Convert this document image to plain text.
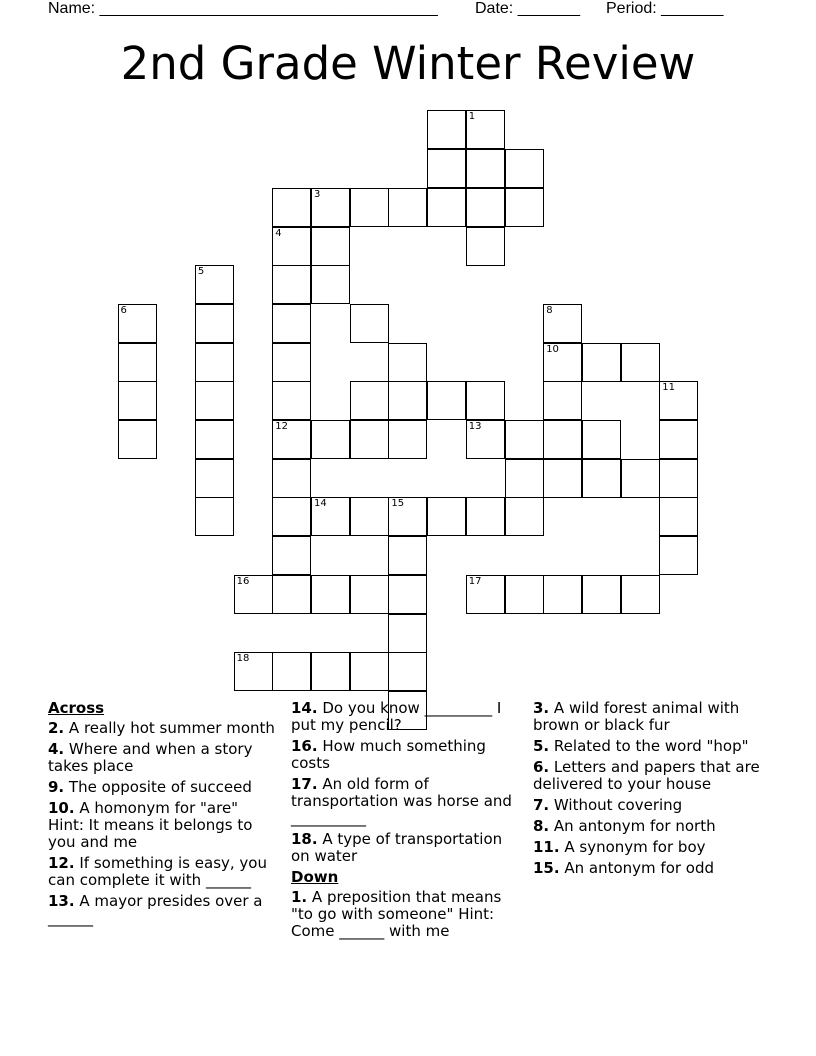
Name: ______________________________________ Date: _______ Period: _______
2nd Grade Winter Review
1
3
4
6
5
12
8
10
11
13
14	15
16
18
17
Across
2. A really hot summer month
4. Where and when a story takes place
9. The opposite of succeed
10. A homonym for "are" Hint: It means it belongs to you and me
12. If something is easy, you can complete it with ______
13. A mayor presides over a ______
14. Do you know _________ I put my pencil?
16. How much something costs
17. An old form of transportation was horse and __________
18. A type of transportation on water
Down
1. A preposition that means "to go with someone" Hint: Come ______ with me
3. A wild forest animal with brown or black fur
5. Related to the word "hop"
6. Letters and papers that are delivered to your house
7. Without covering
8. An antonym for north
11. A synonym for boy
15. An antonym for odd
